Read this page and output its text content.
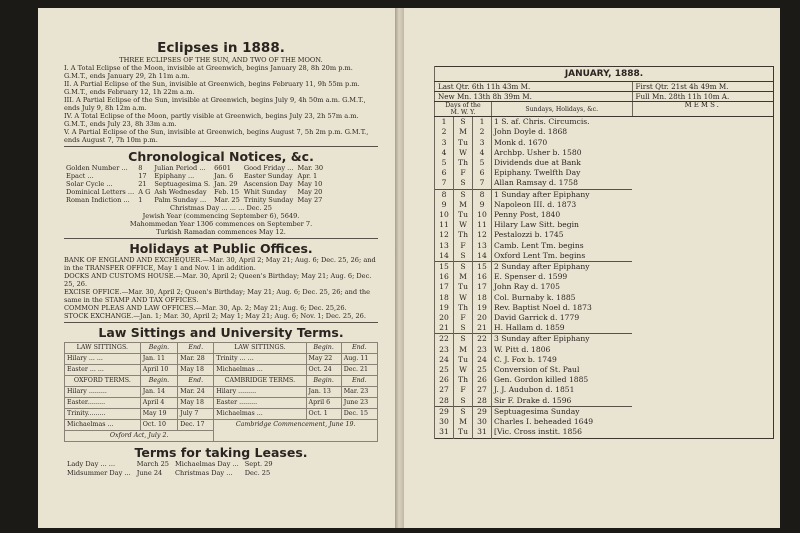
Eclipses in 1888.

THREE ECLIPSES OF THE SUN, AND TWO OF THE MOON.

I. A Total Eclipse of the Moon, invisible at Greenwich, begins January 28, 8h 20m p.m. G.M.T., ends January 29, 2h 11m a.m.

II. A Partial Eclipse of the Sun, invisible at Greenwich, begins February 11, 9h 55m p.m. G.M.T., ends February 12, 1h 22m a.m.

III. A Partial Eclipse of the Sun, invisible at Greenwich, begins July 9, 4h 50m a.m. G.M.T., ends July 9, 8h 12m a.m.

IV. A Total Eclipse of the Moon, partly visible at Greenwich, begins July 23, 2h 57m a.m. G.M.T., ends July 23, 8h 33m a.m.

V. A Partial Eclipse of the Sun, invisible at Greenwich, begins August 7, 5h 2m p.m. G.M.T., ends August 7, 7h 10m p.m.

Chronological Notices, &c.

Golden Number ...	8	Julian Period ...	6601	Good Friday ...	Mar. 30
Epact ...	17	Epiphany ...	Jan. 6	Easter Sunday	Apr. 1
Solar Cycle ...	21	Septuagesima S.	Jan. 29	Ascension Day	May 10
Dominical Letters ...	A G	Ash Wednesday	Feb. 15	Whit Sunday	May 20
Roman Indiction ...	1	Palm Sunday ...	Mar. 25	Trinity Sunday	May 27

Christmas Day ... ... ... Dec. 25

Jewish Year (commencing September 6), 5649.

Mahommedan Year 1306 commences on September 7.

Turkish Ramadan commences May 12.

Holidays at Public Offices.

BANK OF ENGLAND AND EXCHEQUER.—Mar. 30, April 2; May 21; Aug. 6; Dec. 25, 26; and in the TRANSFER OFFICE, May 1 and Nov. 1 in addition.

DOCKS AND CUSTOMS HOUSE.—Mar. 30, April 2; Queen's Birthday; May 21; Aug. 6; Dec. 25, 26.

EXCISE OFFICE.—Mar. 30, April 2; Queen's Birthday; May 21; Aug. 6; Dec. 25, 26; and the same in the STAMP AND TAX OFFICES.

COMMON PLEAS AND LAW OFFICES.—Mar. 30, Ap. 2; May 21; Aug. 6; Dec. 25,26.

STOCK EXCHANGE.—Jan. 1; Mar. 30, April 2; May 1; May 21; Aug. 6; Nov. 1; Dec. 25, 26.

Law Sittings and University Terms.

LAW SITTINGS.	Begin.	End.	LAW SITTINGS.	Begin.	End.
Hilary ... ...	Jan. 11	Mar. 28	Trinity ... ...	May 22	Aug. 11
Easter ... ...	April 10	May 18	Michaelmas ...	Oct. 24	Dec. 21
OXFORD TERMS.	Begin.	End.	CAMBRIDGE TERMS.	Begin.	End.
Hilary .........	Jan. 14	Mar. 24	Hilary .........	Jan. 13	Mar. 23
Easter.........	April 4	May 18	Easter .........	April 6	June 23
Trinity.........	May 19	July 7	Michaelmas ...	Oct. 1	Dec. 15
Michaelmas ...	Oct. 10	Dec. 17	Cambridge Commencement, June 19.		
Oxford Act, July 2.					

Terms for taking Leases.

Lady Day ... ...	March 25	Michaelmas Day ...	Sept. 29
Midsummer Day ...	June 24	Christmas Day ...	Dec. 25
JANUARY, 1888.				
Last Qtr. 6th 11h 43m M.				First Qtr. 21st 4h 49m M.
New Mn. 13th 8h 39m M.				Full Mn. 28th 11h 10m A.
Days of the
M. W. Y.			Sundays, Holidays, &c.	MEMS.
1	S	1	1 S. af. Chris. Circumcis.	
2	M	2	John Doyle d. 1868	
3	Tu	3	Monk d. 1670	
4	W	4	Archbp. Usher b. 1580	
5	Th	5	Dividends due at Bank	
6	F	6	Epiphany. Twelfth Day	
7	S	7	Allan Ramsay d. 1758	
8	S	8	1 Sunday after Epiphany	
9	M	9	Napoleon III. d. 1873	
10	Tu	10	Penny Post, 1840	
11	W	11	Hilary Law Sitt. begin	
12	Th	12	Pestalozzi b. 1745	
13	F	13	Camb. Lent Tm. begins	
14	S	14	Oxford Lent Tm. begins	
15	S	15	2 Sunday after Epiphany	
16	M	16	E. Spenser d. 1599	
17	Tu	17	John Ray d. 1705	
18	W	18	Col. Burnaby k. 1885	
19	Th	19	Rev. Baptist Noel d. 1873	
20	F	20	David Garrick d. 1779	
21	S	21	H. Hallam d. 1859	
22	S	22	3 Sunday after Epiphany	
23	M	23	W. Pitt d. 1806	
24	Tu	24	C. J. Fox b. 1749	
25	W	25	Conversion of St. Paul	
26	Th	26	Gen. Gordon killed 1885	
27	F	27	J. J. Audubon d. 1851	
28	S	28	Sir F. Drake d. 1596	
29	S	29	Septuagesima Sunday	
30	M	30	Charles I. beheaded 1649	
31	Tu	31	[Vic. Cross instit. 1856	
